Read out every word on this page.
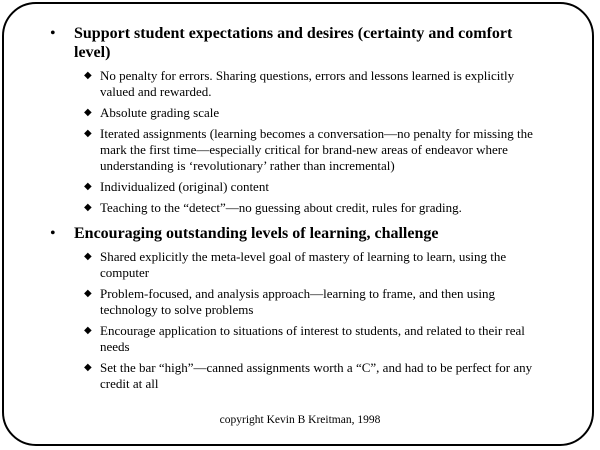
• Support student expectations and desires (certainty and comfort level)
◆ No penalty for errors. Sharing questions, errors and lessons learned is explicitly valued and rewarded.
◆ Absolute grading scale
◆ Iterated assignments (learning becomes a conversation—no penalty for missing the mark the first time—especially critical for brand-new areas of endeavor where understanding is ‘revolutionary’ rather than incremental)
◆ Individualized (original) content
◆ Teaching to the “detect”—no guessing about credit, rules for grading.
• Encouraging outstanding levels of learning, challenge
◆ Shared explicitly the meta-level goal of mastery of learning to learn, using the computer
◆ Problem-focused, and analysis approach—learning to frame, and then using technology to solve problems
◆ Encourage application to situations of interest to students, and related to their real needs
◆ Set the bar “high”—canned assignments worth a “C”, and had to be perfect for any credit at all
copyright Kevin B Kreitman, 1998
